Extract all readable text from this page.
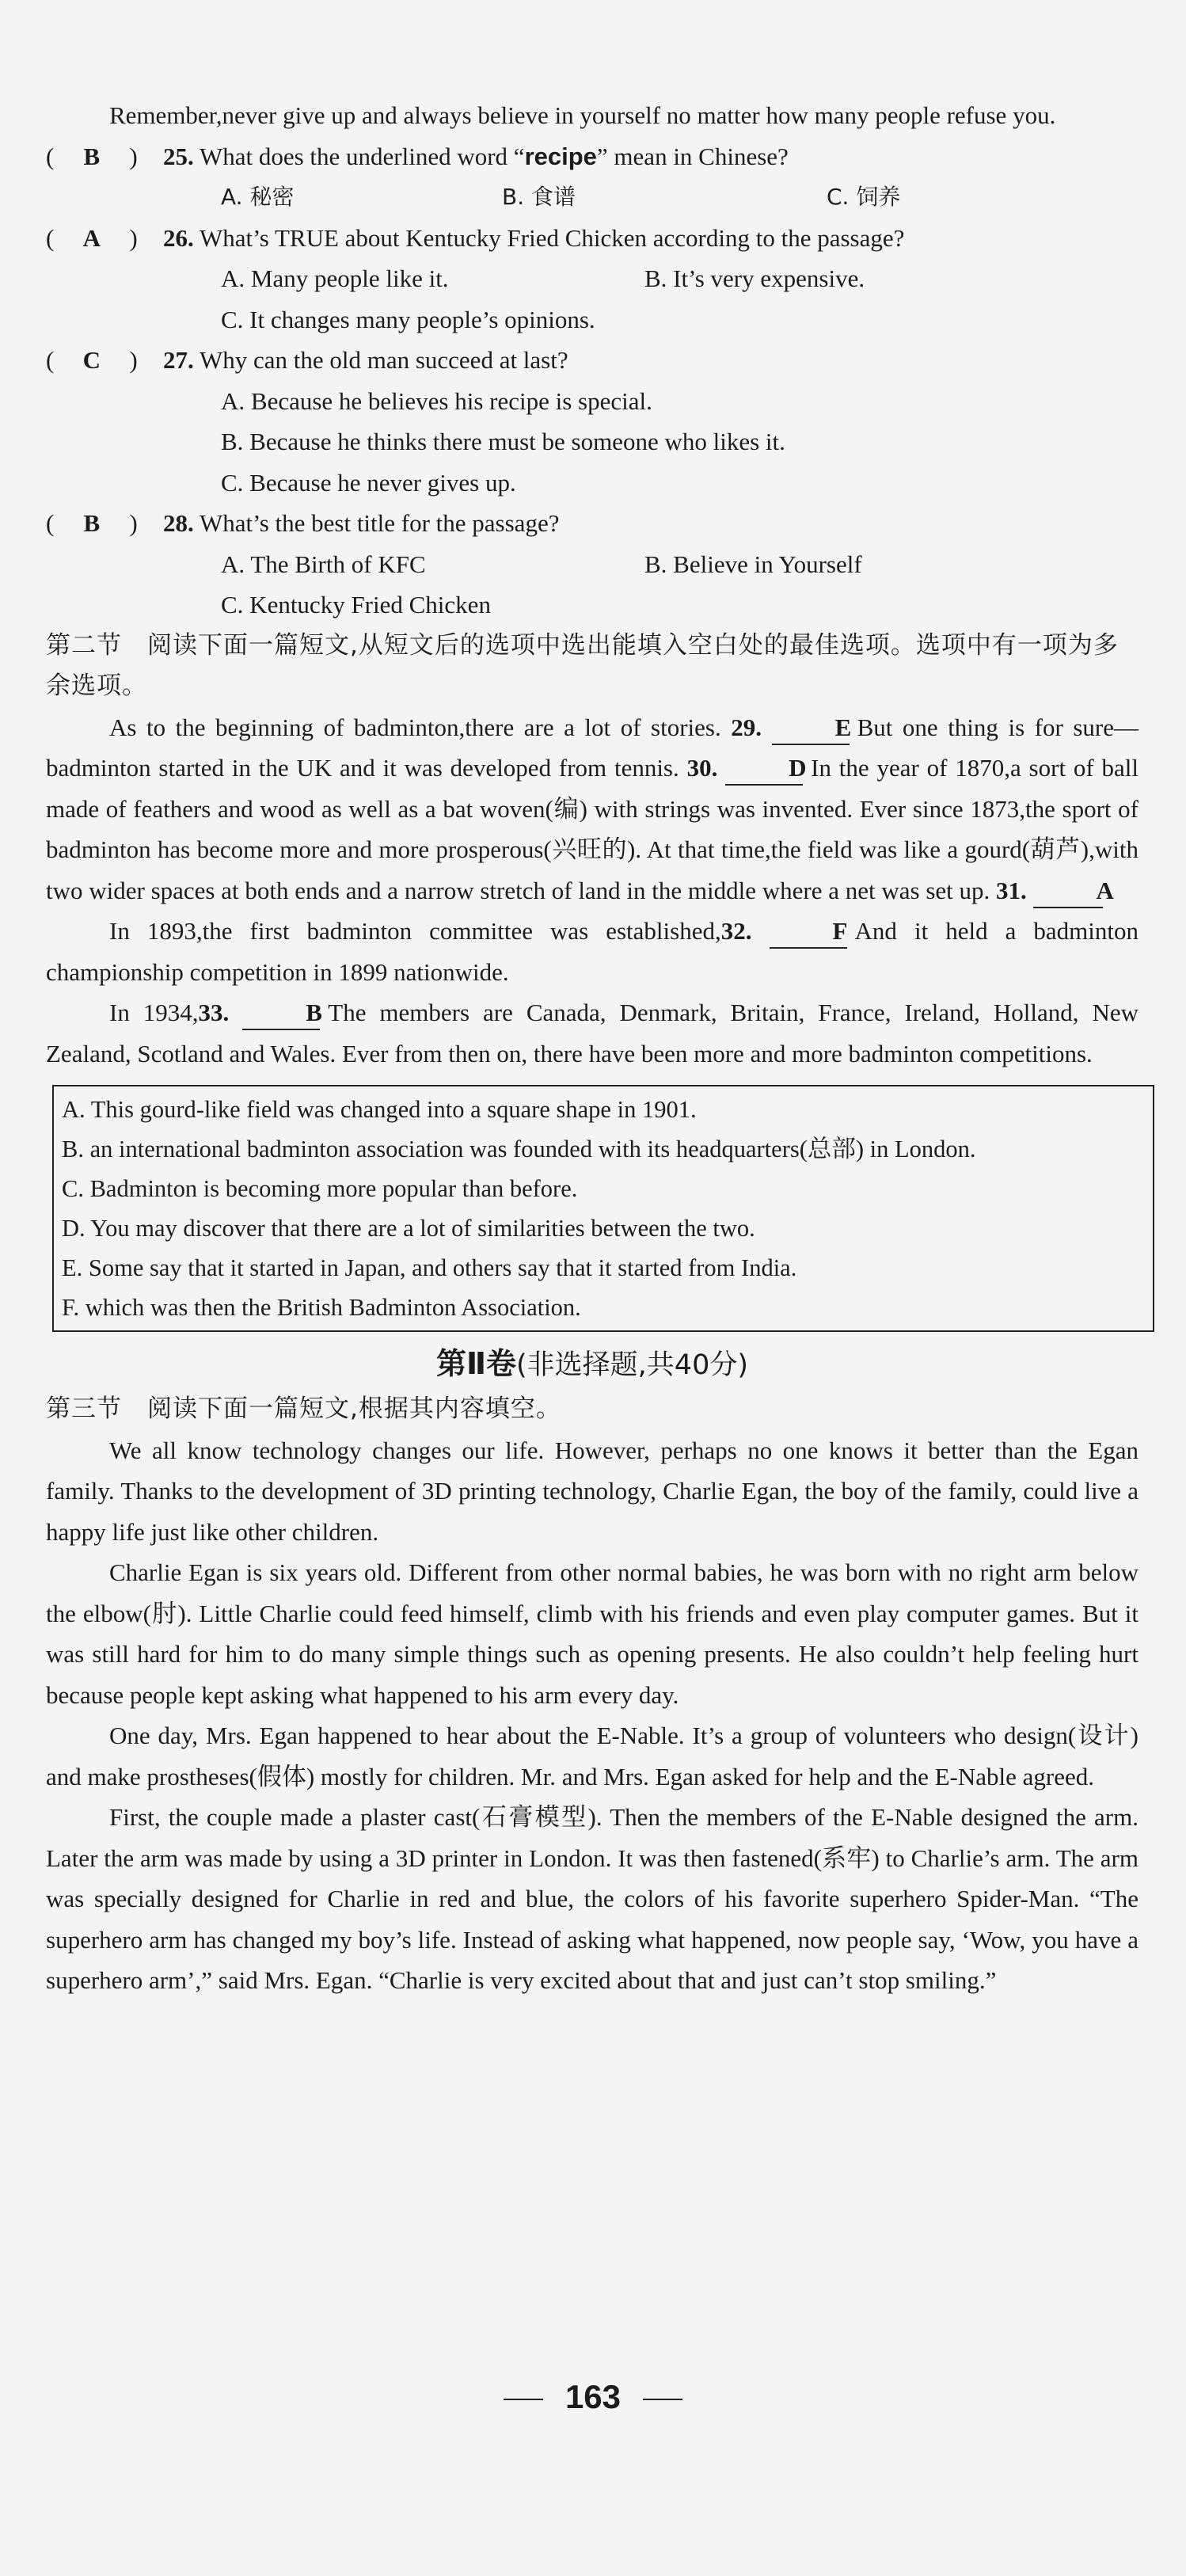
Remember,never give up and always believe in yourself no matter how many people refuse you.

( B ) 25. What does the underlined word “recipe” mean in Chinese?
A. 秘密	B. 食谱	C. 饲养
( A ) 26. What’s TRUE about Kentucky Fried Chicken according to the passage?
A. Many people like it.	B. It’s very expensive.
C. It changes many people’s opinions.
( C ) 27. Why can the old man succeed at last?
A. Because he believes his recipe is special.
B. Because he thinks there must be someone who likes it.
C. Because he never gives up.
( B ) 28. What’s the best title for the passage?
A. The Birth of KFC	B. Believe in Yourself
C. Kentucky Fried Chicken

第二节　阅读下面一篇短文,从短文后的选项中选出能填入空白处的最佳选项。选项中有一项为多余选项。

As to the beginning of badminton,there are a lot of stories. 29.	E But one thing is for sure—badminton started in the UK and it was developed from tennis. 30.	D In the year of 1870,a sort of ball made of feathers and wood as well as a bat woven(编) with strings was invented. Ever since 1873,the sport of badminton has become more and more prosperous(兴旺的). At that time,the field was like a gourd(葫芦),with two wider spaces at both ends and a narrow stretch of land in the middle where a net was set up. 31.	A

In 1893,the first badminton committee was established,32.	F And it held a badminton championship competition in 1899 nationwide.

In 1934,33.	B The members are Canada, Denmark, Britain, France, Ireland, Holland, New Zealand, Scotland and Wales. Ever from then on, there have been more and more badminton competitions.

A. This gourd-like field was changed into a square shape in 1901.

B. an international badminton association was founded with its headquarters(总部) in London.

C. Badminton is becoming more popular than before.

D. You may discover that there are a lot of similarities between the two.

E. Some say that it started in Japan, and others say that it started from India.

F. which was then the British Badminton Association.

第Ⅱ卷(非选择题,共40分)

第三节　阅读下面一篇短文,根据其内容填空。

We all know technology changes our life. However, perhaps no one knows it better than the Egan family. Thanks to the development of 3D printing technology, Charlie Egan, the boy of the family, could live a happy life just like other children.

Charlie Egan is six years old. Different from other normal babies, he was born with no right arm below the elbow(肘). Little Charlie could feed himself, climb with his friends and even play computer games. But it was still hard for him to do many simple things such as opening presents. He also couldn’t help feeling hurt because people kept asking what happened to his arm every day.

One day, Mrs. Egan happened to hear about the E-Nable. It’s a group of volunteers who design(设计) and make prostheses(假体) mostly for children. Mr. and Mrs. Egan asked for help and the E-Nable agreed.

First, the couple made a plaster cast(石膏模型). Then the members of the E-Nable designed the arm. Later the arm was made by using a 3D printer in London. It was then fastened(系牢) to Charlie’s arm. The arm was specially designed for Charlie in red and blue, the colors of his favorite superhero Spider-Man. “The superhero arm has changed my boy’s life. Instead of asking what happened, now people say, ‘Wow, you have a superhero arm’,” said Mrs. Egan. “Charlie is very excited about that and just can’t stop smiling.”

163
